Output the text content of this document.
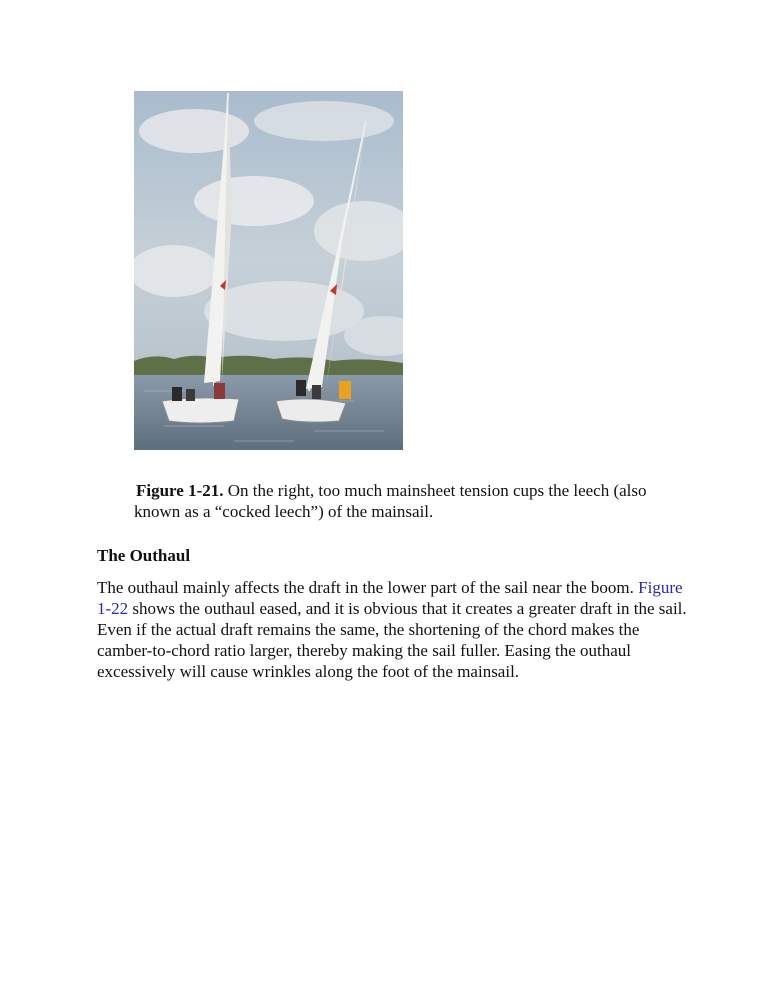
Figure 1-21. On the right, too much mainsheet tension cups the leech (also known as a “cocked leech”) of the mainsail.
The Outhaul

The outhaul mainly affects the draft in the lower part of the sail near the boom. Figure 1-22 shows the outhaul eased, and it is obvious that it creates a greater draft in the sail. Even if the actual draft remains the same, the shortening of the chord makes the camber-to-chord ratio larger, thereby making the sail fuller. Easing the outhaul excessively will cause wrinkles along the foot of the mainsail.
